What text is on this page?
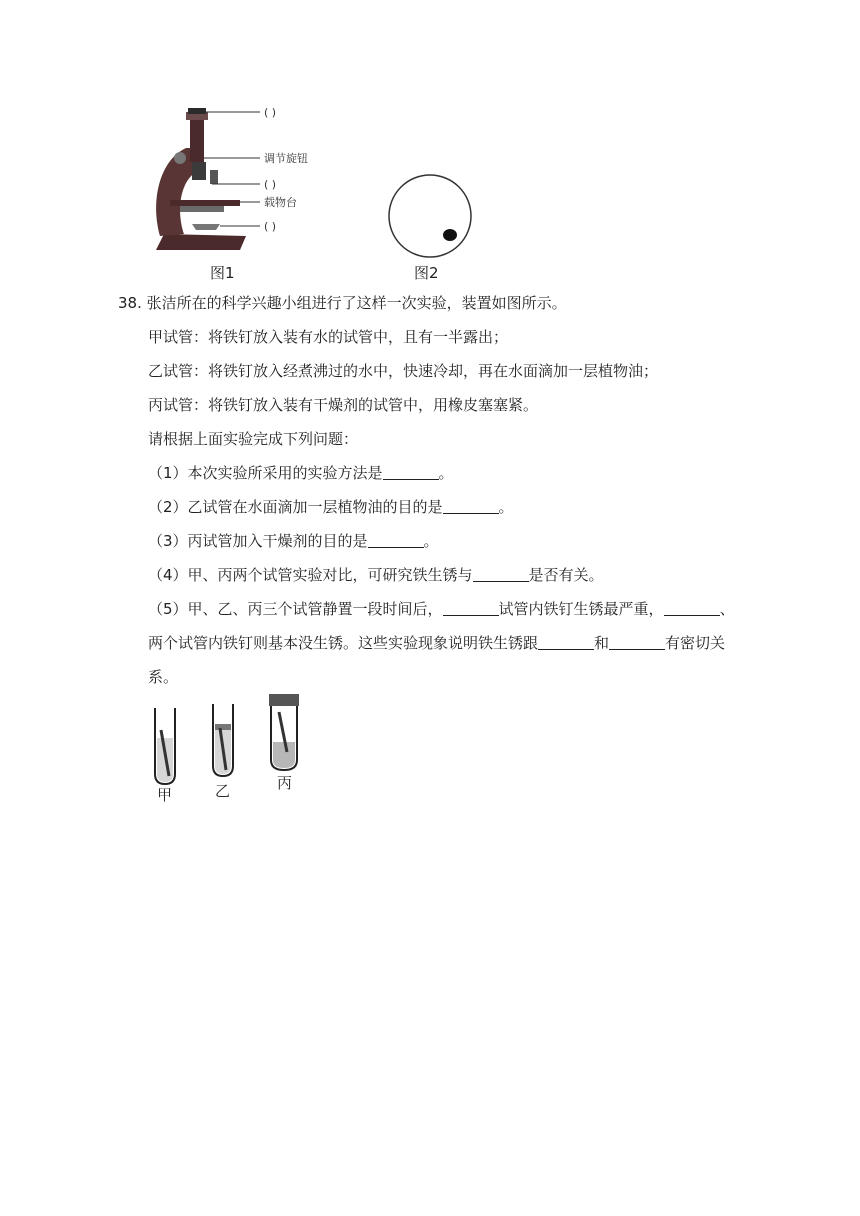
( )
调节旋钮
( )
载物台
( )
图1	图2
38. 张洁所在的科学兴趣小组进行了这样一次实验，装置如图所示。
甲试管：将铁钉放入装有水的试管中，且有一半露出；
乙试管：将铁钉放入经煮沸过的水中，快速冷却，再在水面滴加一层植物油；
丙试管：将铁钉放入装有干燥剂的试管中，用橡皮塞塞紧。
请根据上面实验完成下列问题：
（1）本次实验所采用的实验方法是	。
（2）乙试管在水面滴加一层植物油的目的是	。
（3）丙试管加入干燥剂的目的是	。
（4）甲、丙两个试管实验对比，可研究铁生锈与	是否有关。
（5）甲、乙、丙三个试管静置一段时间后，	试管内铁钉生锈最严重，	、
两个试管内铁钉则基本没生锈。这些实验现象说明铁生锈跟	和	有密切关
系。
甲	乙	丙
